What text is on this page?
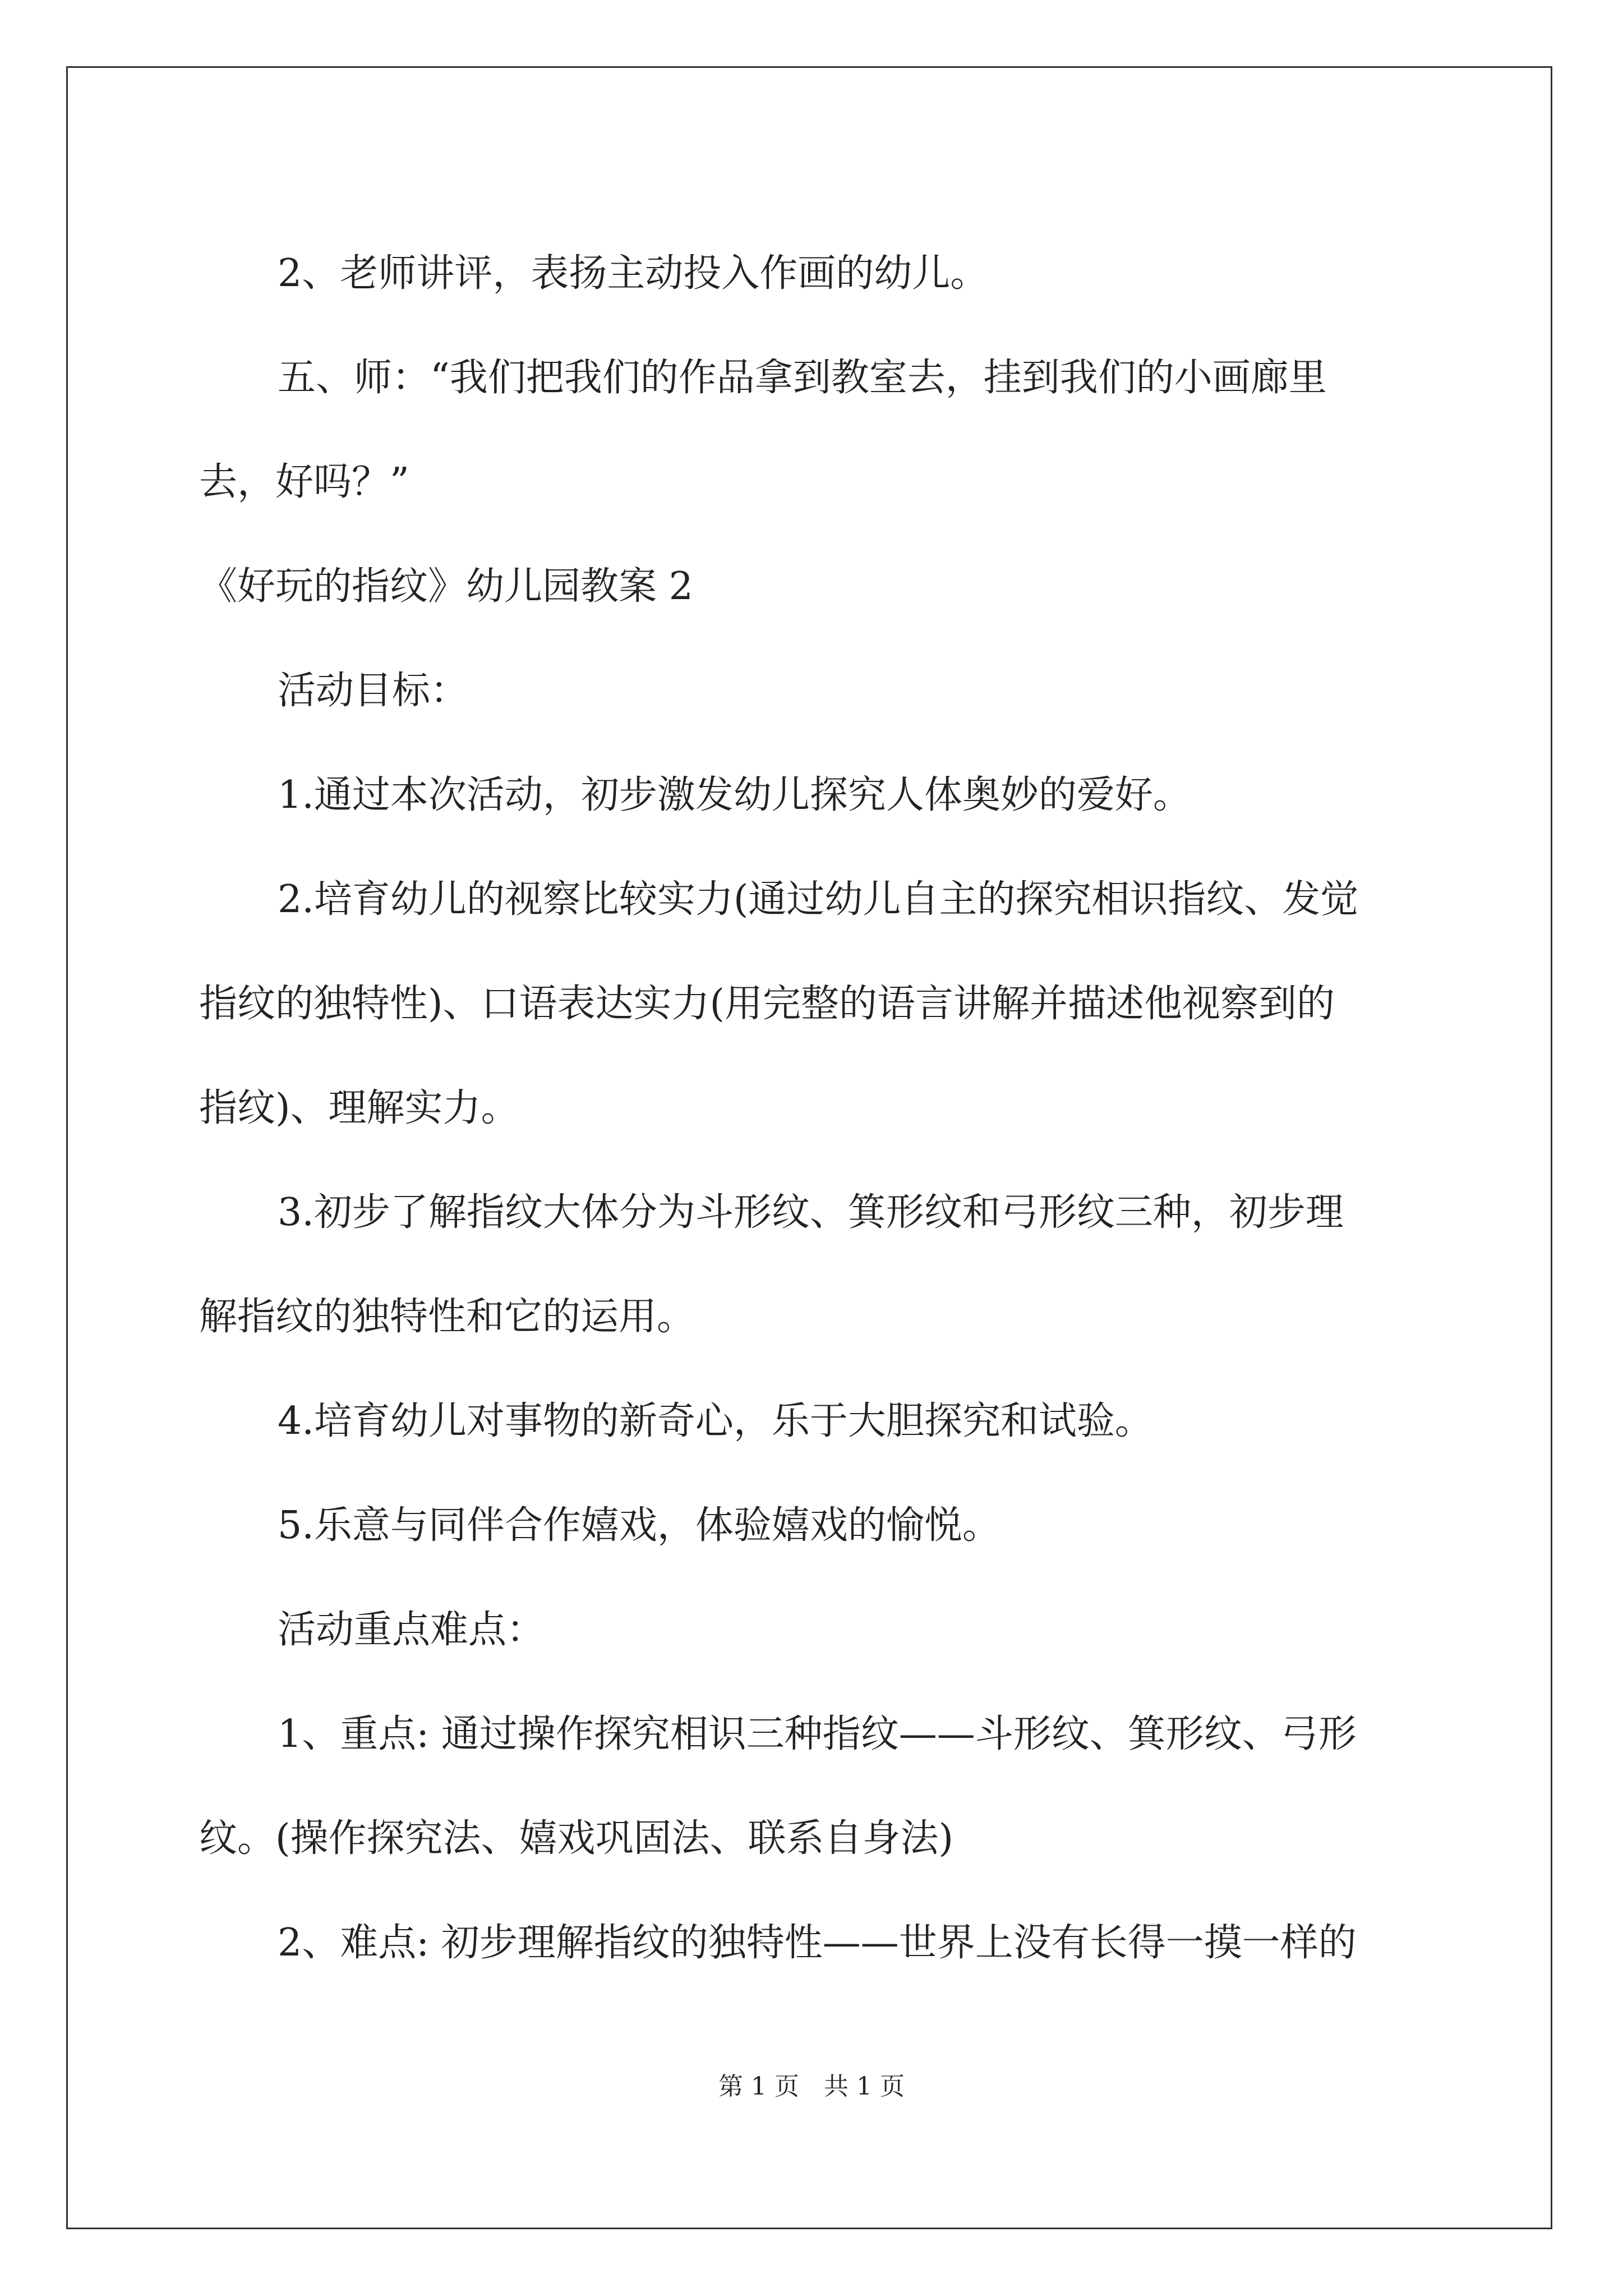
2、老师讲评，表扬主动投入作画的幼儿。

五、师：“我们把我们的作品拿到教室去，挂到我们的小画廊里

去，好吗？”

《好玩的指纹》幼儿园教案 2

活动目标：

1.通过本次活动，初步激发幼儿探究人体奥妙的爱好。

2.培育幼儿的视察比较实力(通过幼儿自主的探究相识指纹、发觉

指纹的独特性)、口语表达实力(用完整的语言讲解并描述他视察到的

指纹)、理解实力。

3.初步了解指纹大体分为斗形纹、箕形纹和弓形纹三种，初步理

解指纹的独特性和它的运用。

4.培育幼儿对事物的新奇心，乐于大胆探究和试验。

5.乐意与同伴合作嬉戏，体验嬉戏的愉悦。

活动重点难点：

1、重点: 通过操作探究相识三种指纹——斗形纹、箕形纹、弓形

纹。(操作探究法、嬉戏巩固法、联系自身法)

2、难点: 初步理解指纹的独特性——世界上没有长得一摸一样的

第 1 页　共 1 页
